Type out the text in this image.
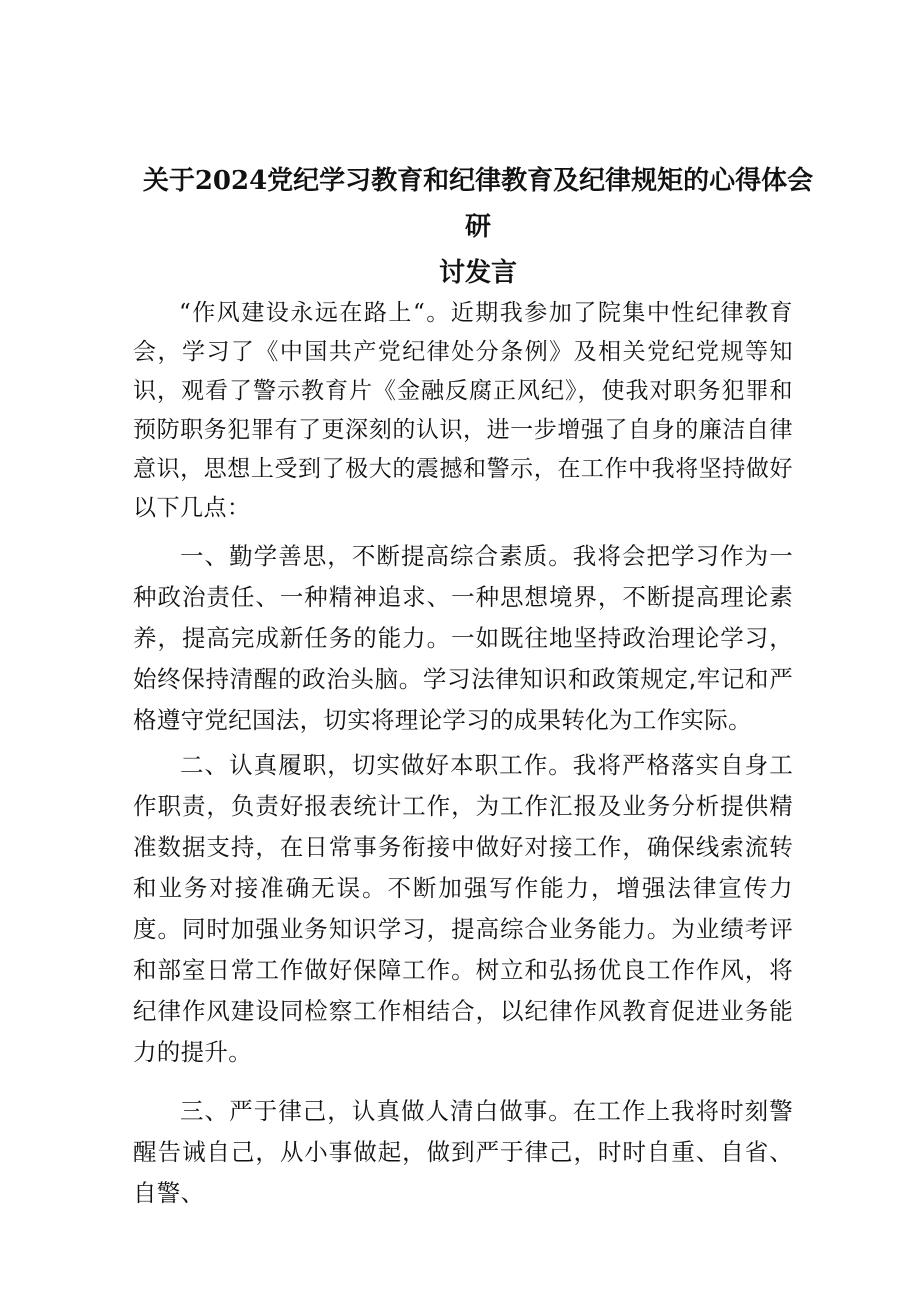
关于2024党纪学习教育和纪律教育及纪律规矩的心得体会研
讨发言

“作风建设永远在路上“。近期我参加了院集中性纪律教育会，学习了《中国共产党纪律处分条例》及相关党纪党规等知识，观看了警示教育片《金融反腐正风纪》，使我对职务犯罪和预防职务犯罪有了更深刻的认识，进一步增强了自身的廉洁自律意识，思想上受到了极大的震撼和警示，在工作中我将坚持做好以下几点：

一、勤学善思，不断提高综合素质。我将会把学习作为一种政治责任、一种精神追求、一种思想境界，不断提高理论素养，提高完成新任务的能力。一如既往地坚持政治理论学习，始终保持清醒的政治头脑。学习法律知识和政策规定,牢记和严格遵守党纪国法，切实将理论学习的成果转化为工作实际。

二、认真履职，切实做好本职工作。我将严格落实自身工作职责，负责好报表统计工作，为工作汇报及业务分析提供精准数据支持，在日常事务衔接中做好对接工作，确保线索流转和业务对接准确无误。不断加强写作能力，增强法律宣传力度。同时加强业务知识学习，提高综合业务能力。为业绩考评和部室日常工作做好保障工作。树立和弘扬优良工作作风，将纪律作风建设同检察工作相结合，以纪律作风教育促进业务能力的提升。

三、严于律己，认真做人清白做事。在工作上我将时刻警醒告诫自己，从小事做起，做到严于律己，时时自重、自省、自警、
